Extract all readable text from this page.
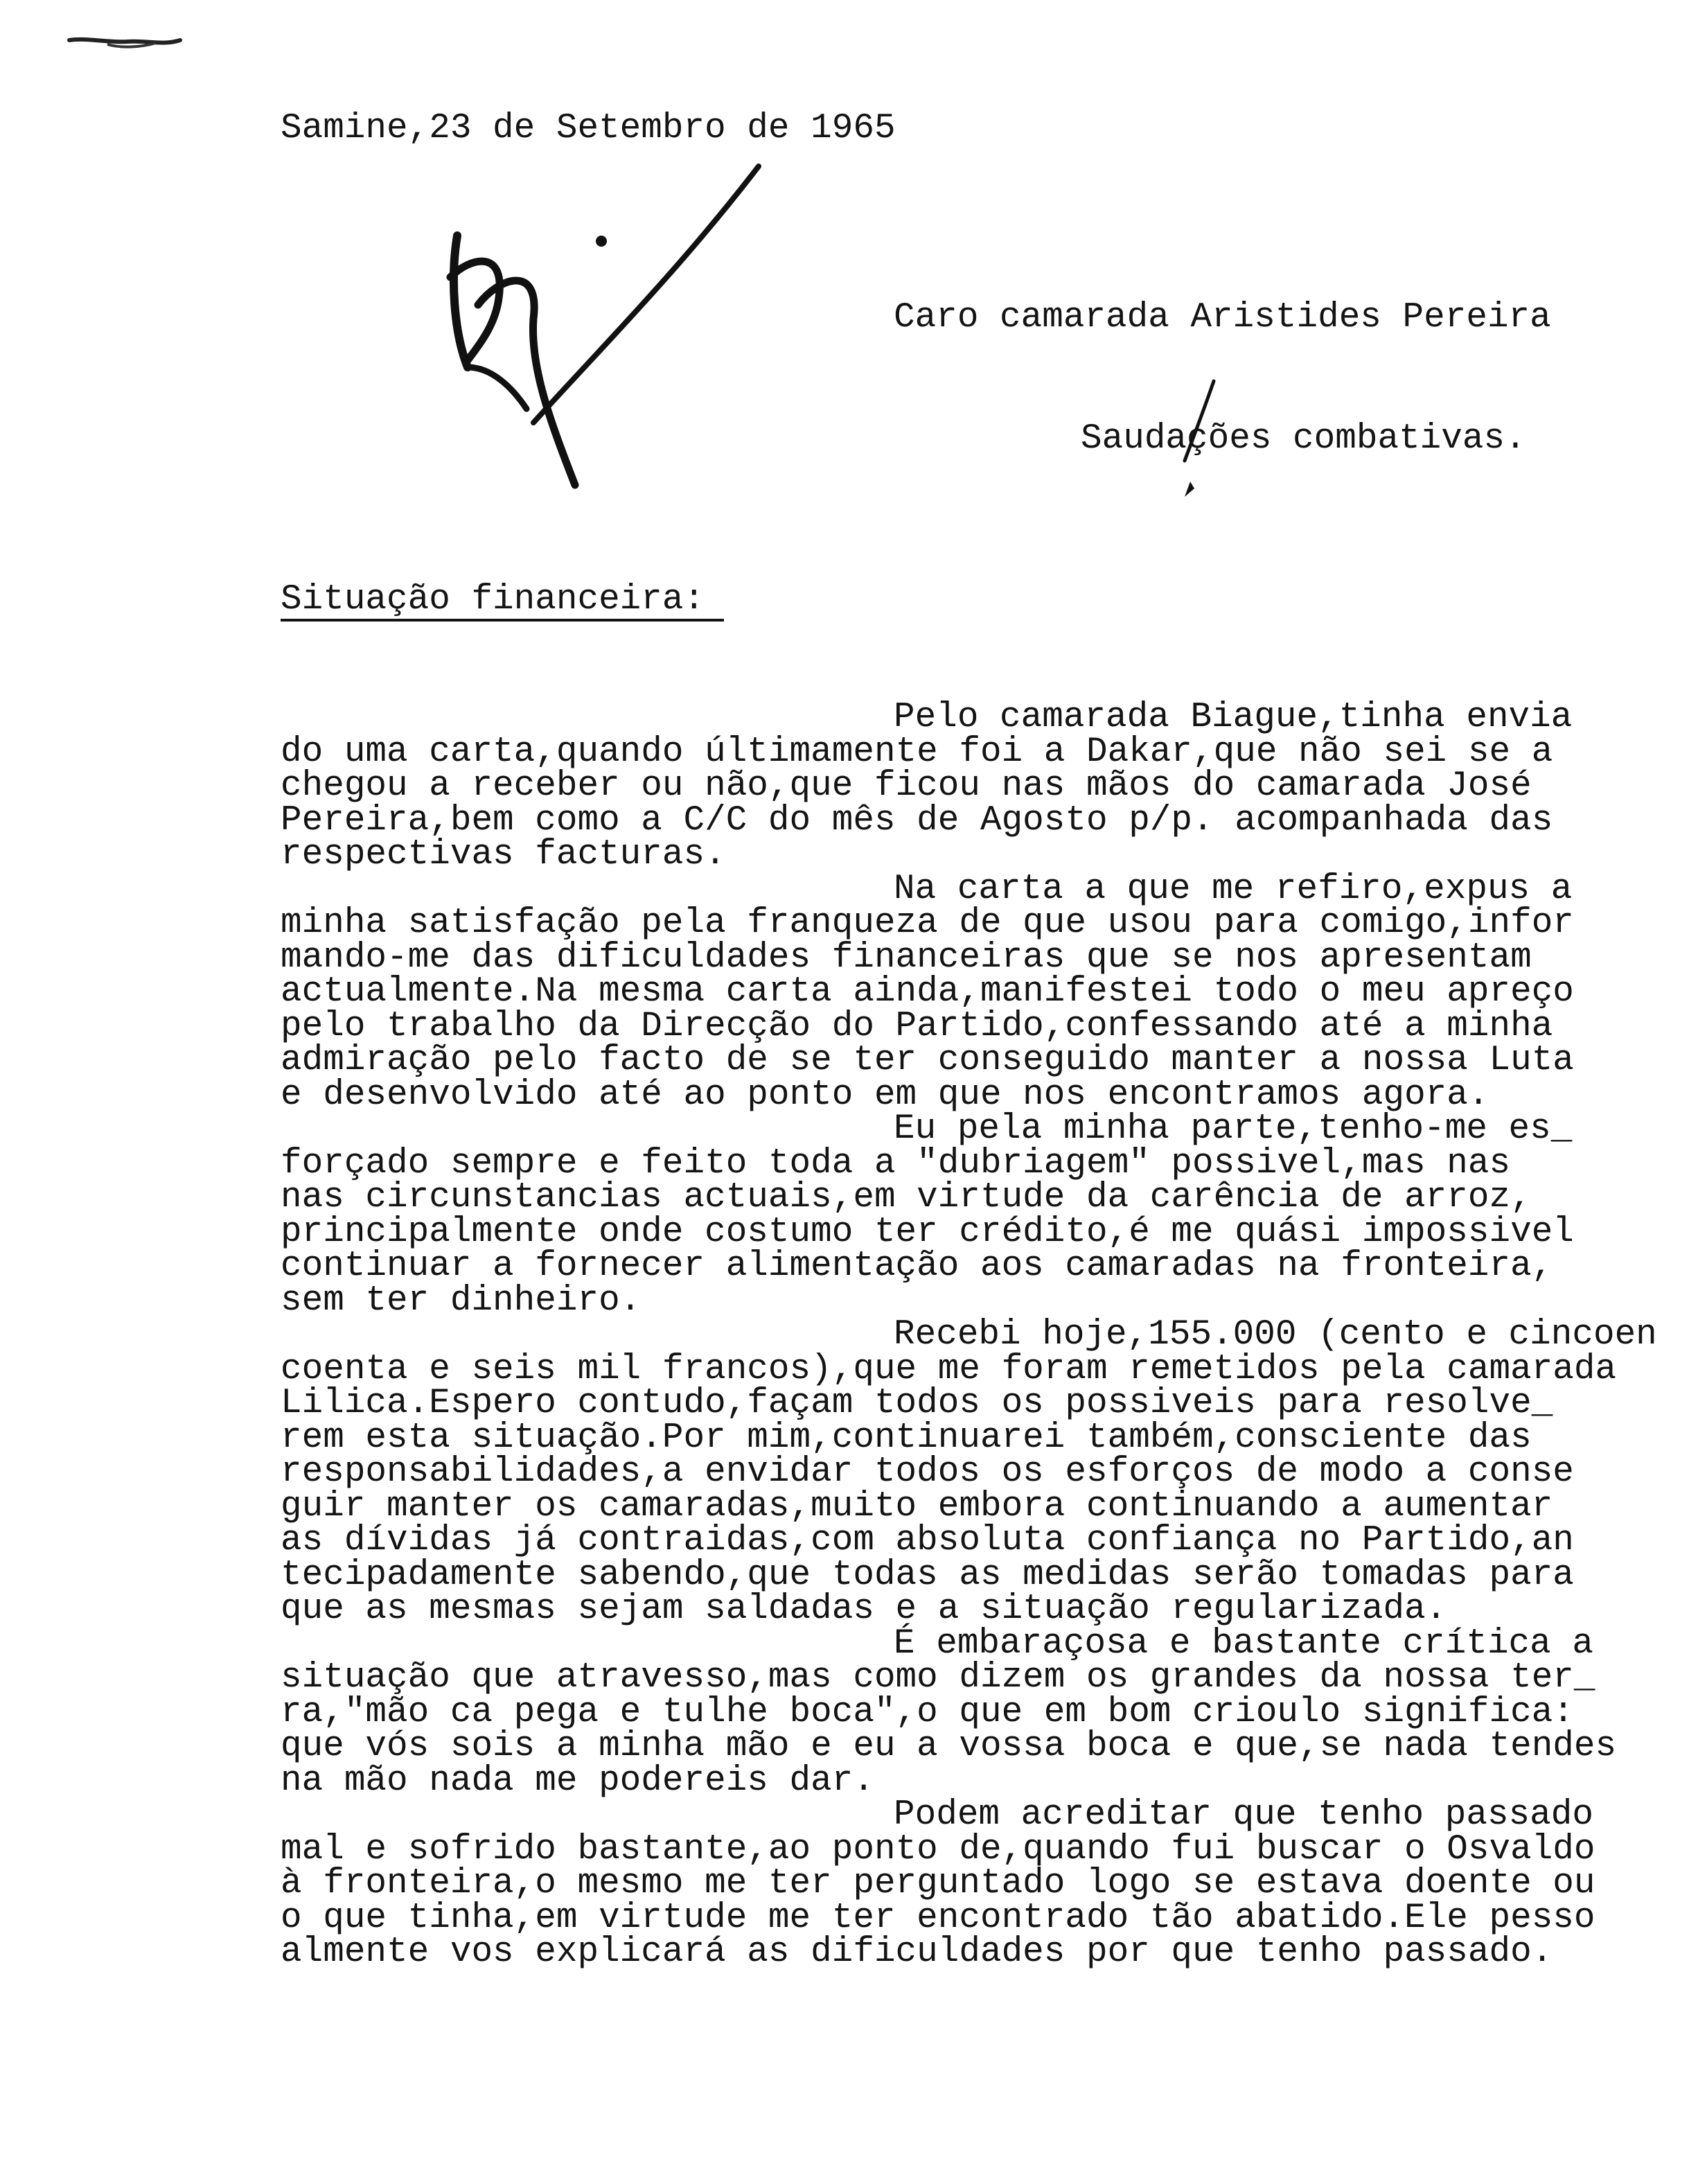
Samine,23 de Setembro de 1965
Caro camarada Aristides Pereira
Saudações combativas.
Situação financeira:
Pelo camarada Biague,tinha envia
do uma carta,quando últimamente foi a Dakar,que não sei se a
chegou a receber ou não,que ficou nas mãos do camarada José
Pereira,bem como a C/C do mês de Agosto p/p. acompanhada das
respectivas facturas.
Na carta a que me refiro,expus a
minha satisfação pela franqueza de que usou para comigo,infor
mando-me das dificuldades financeiras que se nos apresentam
actualmente.Na mesma carta ainda,manifestei todo o meu apreço
pelo trabalho da Direcção do Partido,confessando até a minha
admiração pelo facto de se ter conseguido manter a nossa Luta
e desenvolvido até ao ponto em que nos encontramos agora.
Eu pela minha parte,tenho-me es_
forçado sempre e feito toda a "dubriagem" possivel,mas nas
nas circunstancias actuais,em virtude da carência de arroz,
principalmente onde costumo ter crédito,é me quási impossivel
continuar a fornecer alimentação aos camaradas na fronteira,
sem ter dinheiro.
Recebi hoje,155.000 (cento e cincoen
coenta e seis mil francos),que me foram remetidos pela camarada
Lilica.Espero contudo,façam todos os possiveis para resolve_
rem esta situação.Por mim,continuarei também,consciente das
responsabilidades,a envidar todos os esforços de modo a conse
guir manter os camaradas,muito embora continuando a aumentar
as dívidas já contraidas,com absoluta confiança no Partido,an
tecipadamente sabendo,que todas as medidas serão tomadas para
que as mesmas sejam saldadas e a situação regularizada.
É embaraçosa e bastante crítica a
situação que atravesso,mas como dizem os grandes da nossa ter_
ra,"mão ca pega e tulhe boca",o que em bom crioulo significa:
que vós sois a minha mão e eu a vossa boca e que,se nada tendes
na mão nada me podereis dar.
Podem acreditar que tenho passado
mal e sofrido bastante,ao ponto de,quando fui buscar o Osvaldo
à fronteira,o mesmo me ter perguntado logo se estava doente ou
o que tinha,em virtude me ter encontrado tão abatido.Ele pesso
almente vos explicará as dificuldades por que tenho passado.
